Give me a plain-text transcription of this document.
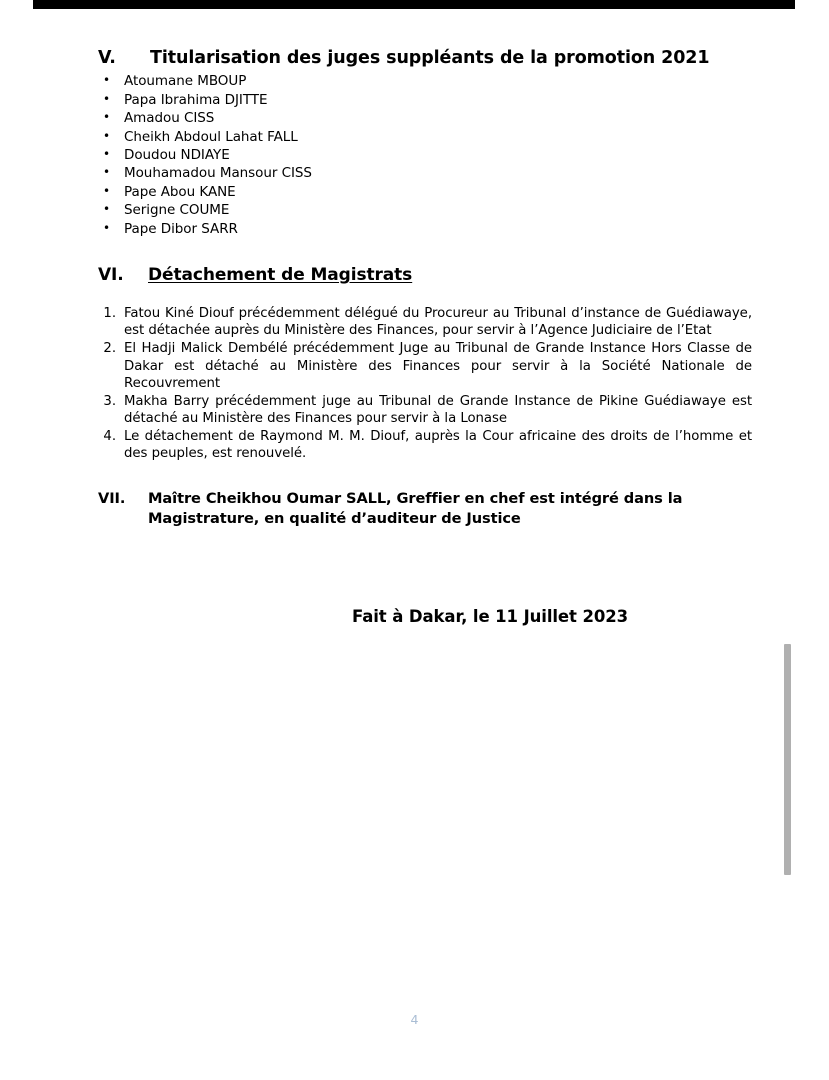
V.	Titularisation des juges suppléants de la promotion 2021
• Atoumane MBOUP
• Papa Ibrahima DJITTE
• Amadou CISS
• Cheikh Abdoul Lahat FALL
• Doudou NDIAYE
• Mouhamadou Mansour CISS
• Pape Abou KANE
• Serigne COUME
• Pape Dibor SARR
VI.	Détachement de Magistrats
1. Fatou Kiné Diouf précédemment délégué du Procureur au Tribunal d’instance de Guédiawaye, est détachée auprès du Ministère des Finances, pour servir à l’Agence Judiciaire de l’Etat
2. El Hadji Malick Dembélé précédemment Juge au Tribunal de Grande Instance Hors Classe de Dakar est détaché au Ministère des Finances pour servir à la Société Nationale de Recouvrement
3. Makha Barry précédemment juge au Tribunal de Grande Instance de Pikine Guédiawaye est détaché au Ministère des Finances pour servir à la Lonase
4. Le détachement de Raymond M. M. Diouf, auprès la Cour africaine des droits de l’homme et des peuples, est renouvelé.
VII.	Maître Cheikhou Oumar SALL, Greffier en chef est intégré dans la Magistrature, en qualité d’auditeur de Justice
Fait à Dakar, le 11 Juillet 2023
4
